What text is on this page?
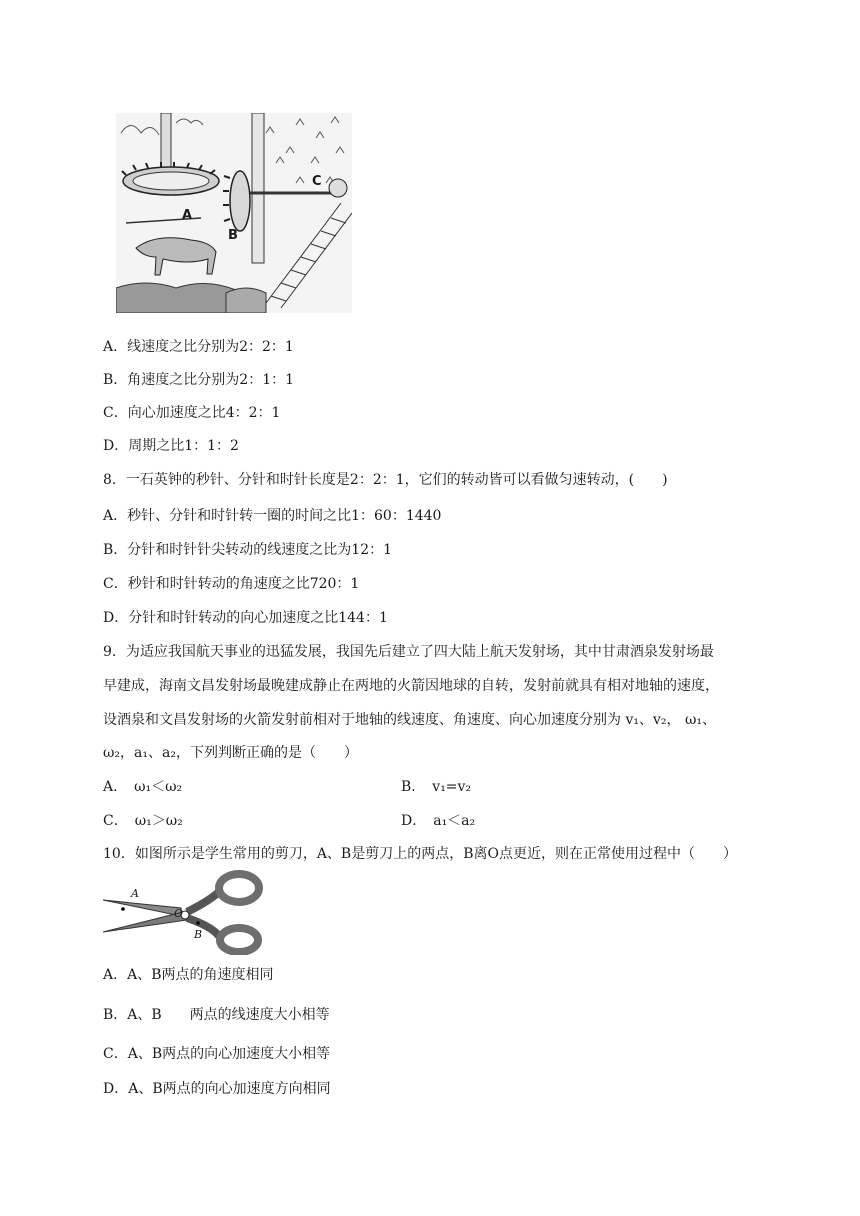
A
B
C
A．线速度之比分别为2：2：1
B．角速度之比分别为2：1：1
C．向心加速度之比4：2：1
D．周期之比1：1：2
8．一石英钟的秒针、分针和时针长度是2：2：1，它们的转动皆可以看做匀速转动，(　　)
A．秒针、分针和时针转一圈的时间之比1：60：1440
B．分针和时针针尖转动的线速度之比为12：1
C．秒针和时针转动的角速度之比720：1
D．分针和时针转动的向心加速度之比144：1
9．为适应我国航天事业的迅猛发展，我国先后建立了四大陆上航天发射场，其中甘肃酒泉发射场最
早建成，海南文昌发射场最晚建成静止在两地的火箭因地球的自转，发射前就具有相对地轴的速度，
设酒泉和文昌发射场的火箭发射前相对于地轴的线速度、角速度、向心加速度分别为 v₁、v₂， ω₁、
ω₂，a₁、a₂，下列判断正确的是（　　）
A．　ω₁＜ω₂	B．　v₁=v₂
C．　ω₁＞ω₂	D．　a₁＜a₂
10．如图所示是学生常用的剪刀，A、B是剪刀上的两点，B离O点更近，则在正常使用过程中（　　）
A
O
B
A．A、B两点的角速度相同
B．A、B　　两点的线速度大小相等
C．A、B两点的向心加速度大小相等
D．A、B两点的向心加速度方向相同
